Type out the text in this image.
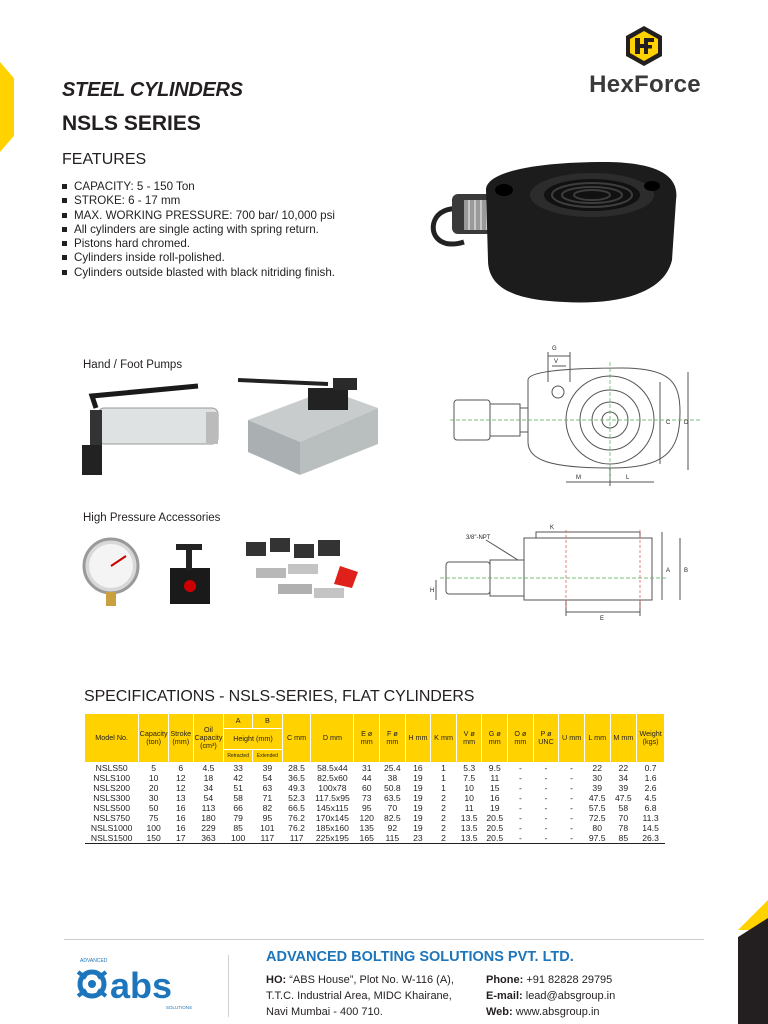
STEEL CYLINDERS
NSLS SERIES
HexForce
FEATURES
CAPACITY: 5 - 150 Ton
STROKE: 6 - 17 mm
MAX. WORKING PRESSURE: 700 bar/ 10,000 psi
All cylinders are single acting with spring return.
Pistons hard chromed.
Cylinders inside roll-polished.
Cylinders outside blasted with black nitriding finish.
Hand / Foot Pumps
High Pressure Accessories
G
V
C D
M	L
K
3/8"-NPT
A B
H
E
SPECIFICATIONS - NSLS-SERIES, FLAT CYLINDERS
Model No.	Capacity (ton)	Stroke (mm)	Oil Capacity (cm³)	A	B	C mm	D mm	E ø mm	F ø mm	H mm	K mm	V ø mm	G ø mm	O ø mm	P ø UNC	U mm	L mm	M mm	Weight (kgs)
				Height (mm)															
				Retracted	Extended														
NSLS50	5	6	4.5	33	39	28.5	58.5x44	31	25.4	16	1	5.3	9.5	-	-	-	22	22	0.7
NSLS100	10	12	18	42	54	36.5	82.5x60	44	38	19	1	7.5	11	-	-	-	30	34	1.6
NSLS200	20	12	34	51	63	49.3	100x78	60	50.8	19	1	10	15	-	-	-	39	39	2.6
NSLS300	30	13	54	58	71	52.3	117.5x95	73	63.5	19	2	10	16	-	-	-	47.5	47.5	4.5
NSLS500	50	16	113	66	82	66.5	145x115	95	70	19	2	11	19	-	-	-	57.5	58	6.8
NSLS750	75	16	180	79	95	76.2	170x145	120	82.5	19	2	13.5	20.5	-	-	-	72.5	70	11.3
NSLS1000	100	16	229	85	101	76.2	185x160	135	92	19	2	13.5	20.5	-	-	-	80	78	14.5
NSLS1500	150	17	363	100	117	117	225x195	165	115	23	2	13.5	20.5	-	-	-	97.5	85	26.3
ADVANCED
abs
SOLUTIONS
ADVANCED BOLTING SOLUTIONS PVT. LTD.
HO: “ABS House”, Plot No. W-116 (A),
T.T.C. Industrial Area, MIDC Khairane,
Navi Mumbai - 400 710.
Phone: +91 82828 29795
E-mail: lead@absgroup.in
Web: www.absgroup.in
